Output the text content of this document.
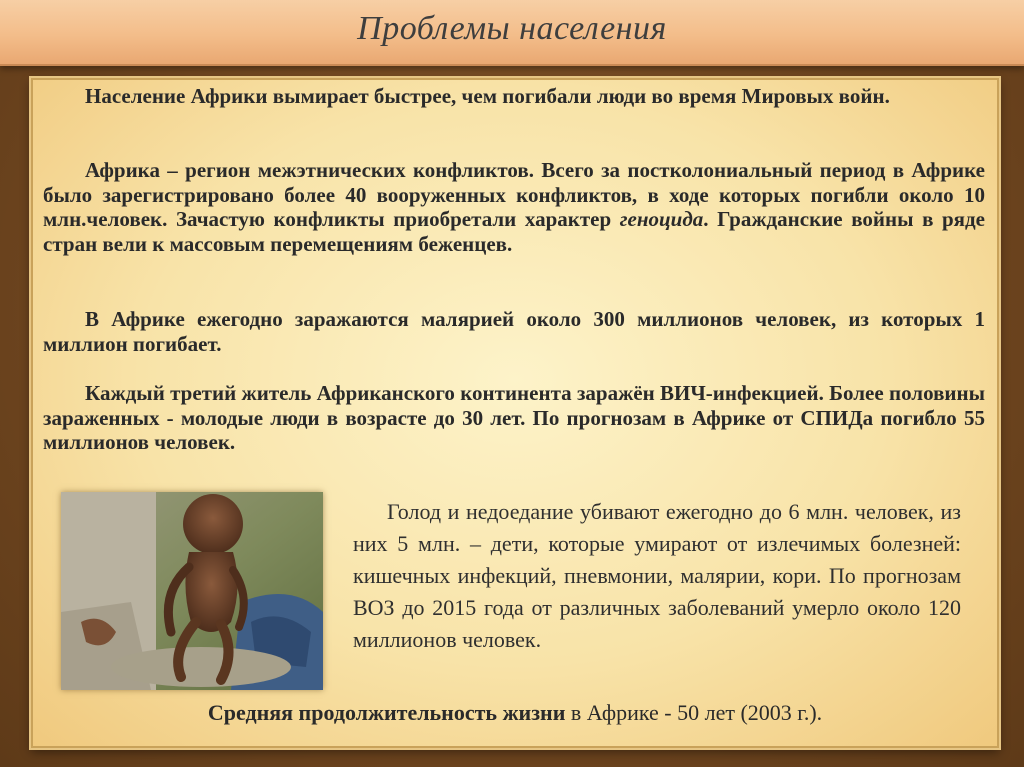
Проблемы населения

Население Африки вымирает быстрее, чем погибали люди во время Мировых войн.

Африка – регион межэтнических конфликтов. Всего за постколониальный период в Африке было зарегистрировано более 40 вооруженных конфликтов, в ходе которых погибли около 10 млн.человек. Зачастую конфликты приобретали характер геноцида. Гражданские войны в ряде стран вели к массовым перемещениям беженцев.

В Африке ежегодно заражаются малярией около 300 миллионов человек, из которых 1 миллион погибает.

Каждый третий житель Африканского континента заражён ВИЧ-инфекцией. Более половины зараженных - молодые люди в возрасте до 30 лет. По прогнозам в Африке от СПИДа погибло 55 миллионов человек.

Голод и недоедание убивают ежегодно до 6 млн. человек, из них 5 млн. – дети, которые умирают от излечимых болезней: кишечных инфекций, пневмонии, малярии, кори. По прогнозам ВОЗ до 2015 года от различных заболеваний умерло около 120 миллионов человек.

Средняя продолжительность жизни в Африке - 50 лет (2003 г.).
